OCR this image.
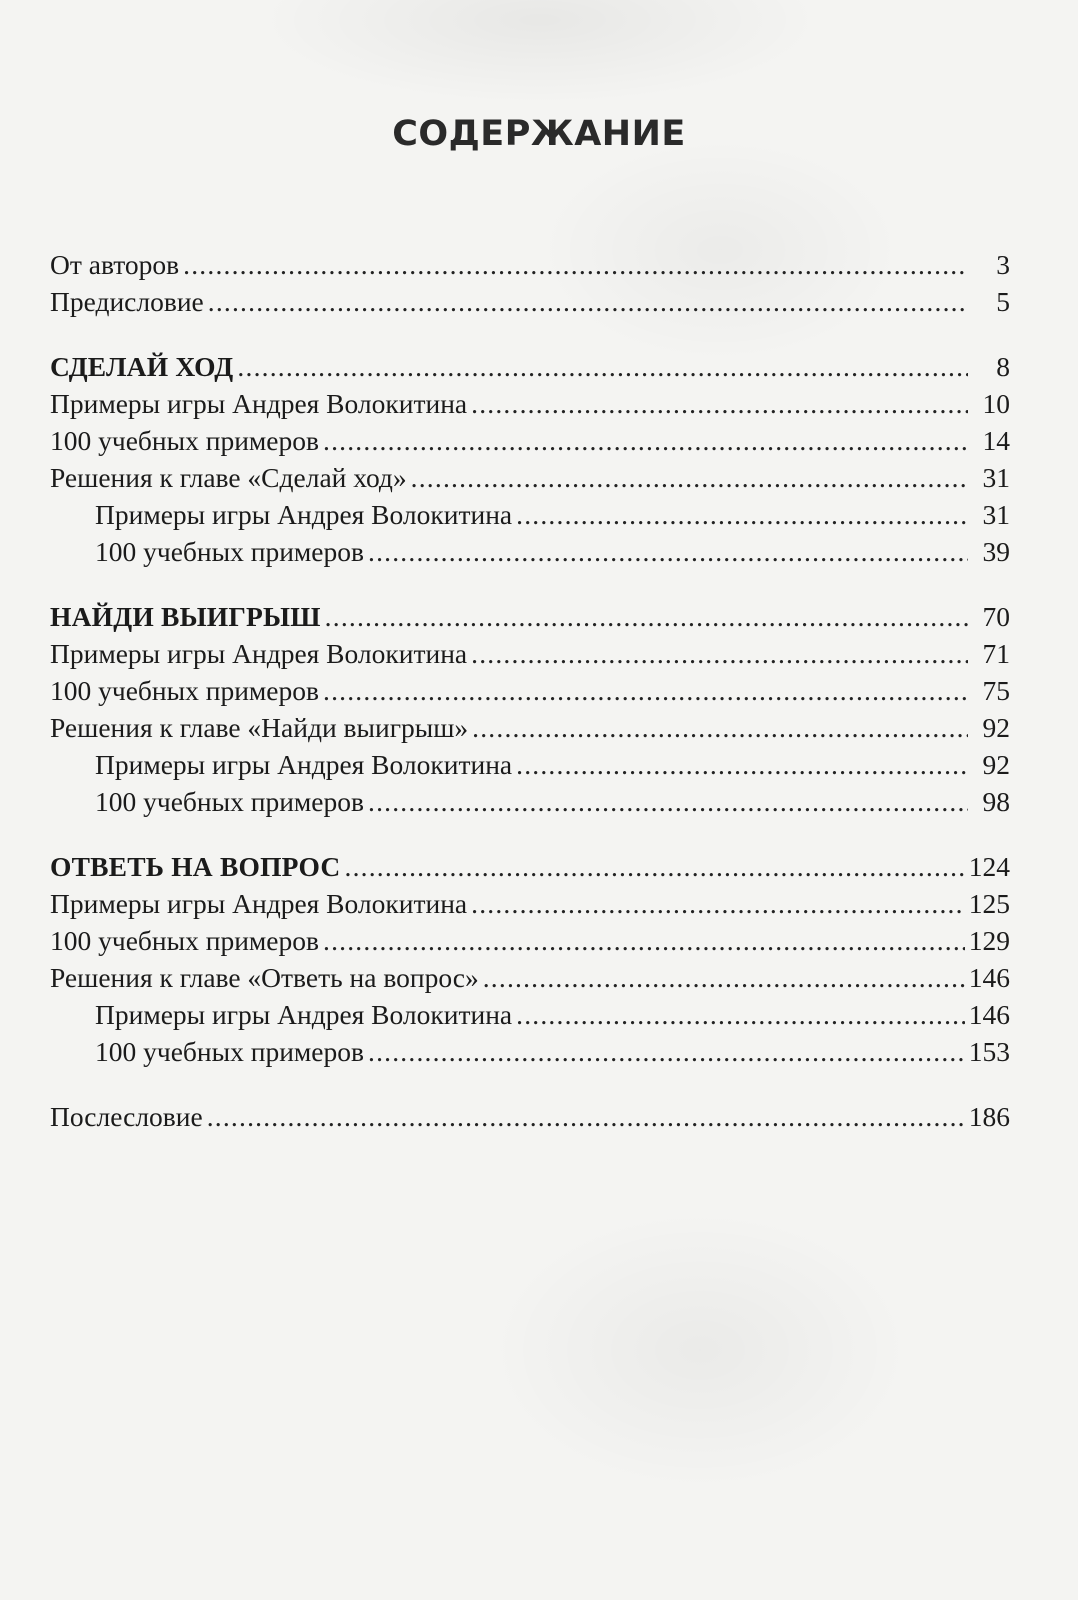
СОДЕРЖАНИЕ
От авторов .....	3
Предисловие .....	5
СДЕЛАЙ ХОД .....	8
Примеры игры Андрея Волокитина .....	10
100 учебных примеров .....	14
Решения к главе «Сделай ход» .....	31
Примеры игры Андрея Волокитина .....	31
100 учебных примеров .....	39
НАЙДИ ВЫИГРЫШ .....	70
Примеры игры Андрея Волокитина .....	71
100 учебных примеров .....	75
Решения к главе «Найди выигрыш» .....	92
Примеры игры Андрея Волокитина .....	92
100 учебных примеров .....	98
ОТВЕТЬ НА ВОПРОС .....	124
Примеры игры Андрея Волокитина .....	125
100 учебных примеров .....	129
Решения к главе «Ответь на вопрос» .....	146
Примеры игры Андрея Волокитина .....	146
100 учебных примеров .....	153
Послесловие .....	186
